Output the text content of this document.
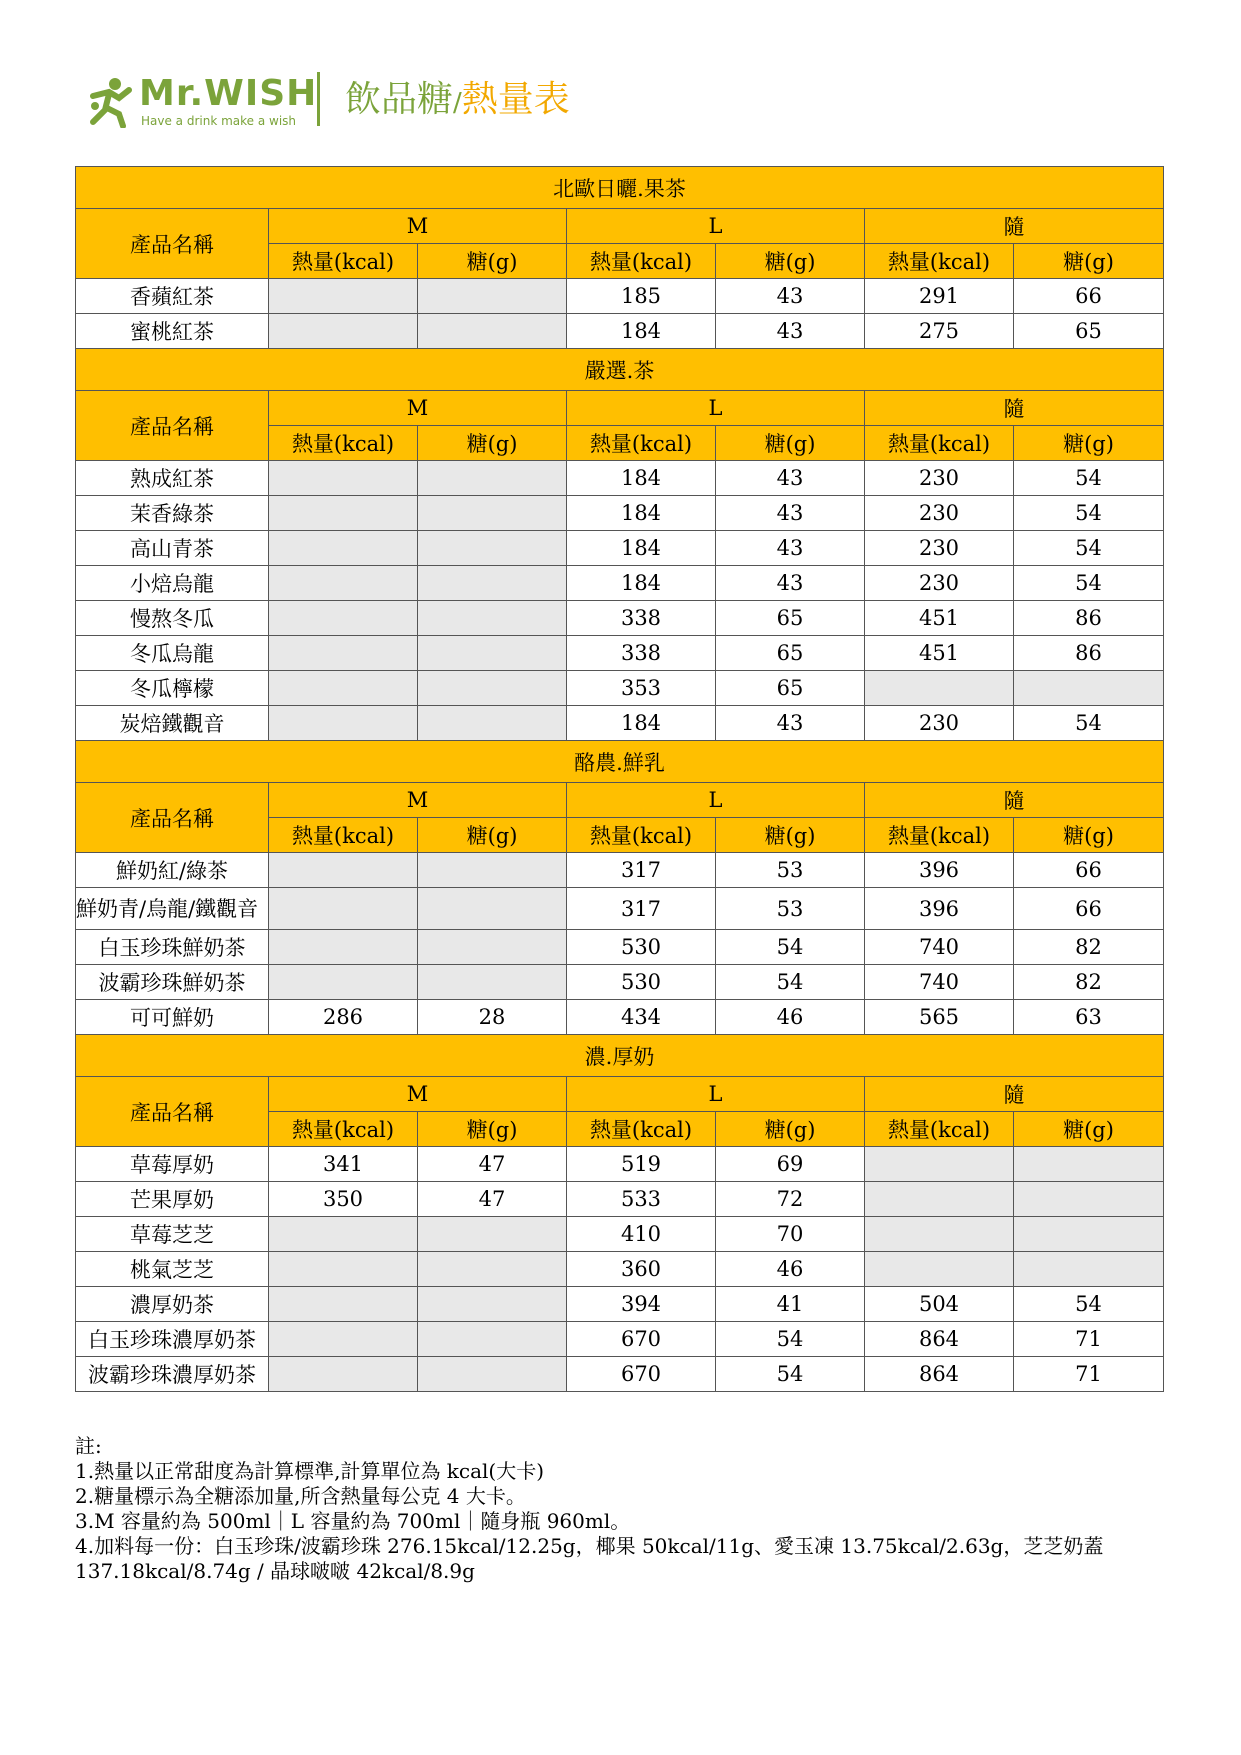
Mr.WISH
Have a drink make a wish
飲品糖/熱量表
北歐日曬.果茶						
產品名稱	M		L		隨	
	熱量(kcal)	糖(g)	熱量(kcal)	糖(g)	熱量(kcal)	糖(g)
香蘋紅茶			185	43	291	66
蜜桃紅茶			184	43	275	65
嚴選.茶						
產品名稱	M		L		隨	
	熱量(kcal)	糖(g)	熱量(kcal)	糖(g)	熱量(kcal)	糖(g)
熟成紅茶			184	43	230	54
茉香綠茶			184	43	230	54
高山青茶			184	43	230	54
小焙烏龍			184	43	230	54
慢熬冬瓜			338	65	451	86
冬瓜烏龍			338	65	451	86
冬瓜檸檬			353	65		
炭焙鐵觀音			184	43	230	54
酪農.鮮乳						
產品名稱	M		L		隨	
	熱量(kcal)	糖(g)	熱量(kcal)	糖(g)	熱量(kcal)	糖(g)
鮮奶紅/綠茶			317	53	396	66
鮮奶青/烏龍/鐵觀音			317	53	396	66
白玉珍珠鮮奶茶			530	54	740	82
波霸珍珠鮮奶茶			530	54	740	82
可可鮮奶	286	28	434	46	565	63
濃.厚奶						
產品名稱	M		L		隨	
	熱量(kcal)	糖(g)	熱量(kcal)	糖(g)	熱量(kcal)	糖(g)
草莓厚奶	341	47	519	69		
芒果厚奶	350	47	533	72		
草莓芝芝			410	70		
桃氣芝芝			360	46		
濃厚奶茶			394	41	504	54
白玉珍珠濃厚奶茶			670	54	864	71
波霸珍珠濃厚奶茶			670	54	864	71
註:
1.熱量以正常甜度為計算標準,計算單位為 kcal(大卡)
2.糖量標示為全糖添加量,所含熱量每公克 4 大卡。
3.M 容量約為 500ml｜L 容量約為 700ml｜隨身瓶 960ml。
4.加料每一份：白玉珍珠/波霸珍珠 276.15kcal/12.25g，椰果 50kcal/11g、愛玉凍 13.75kcal/2.63g，芝芝奶蓋 137.18kcal/8.74g / 晶球啵啵 42kcal/8.9g
